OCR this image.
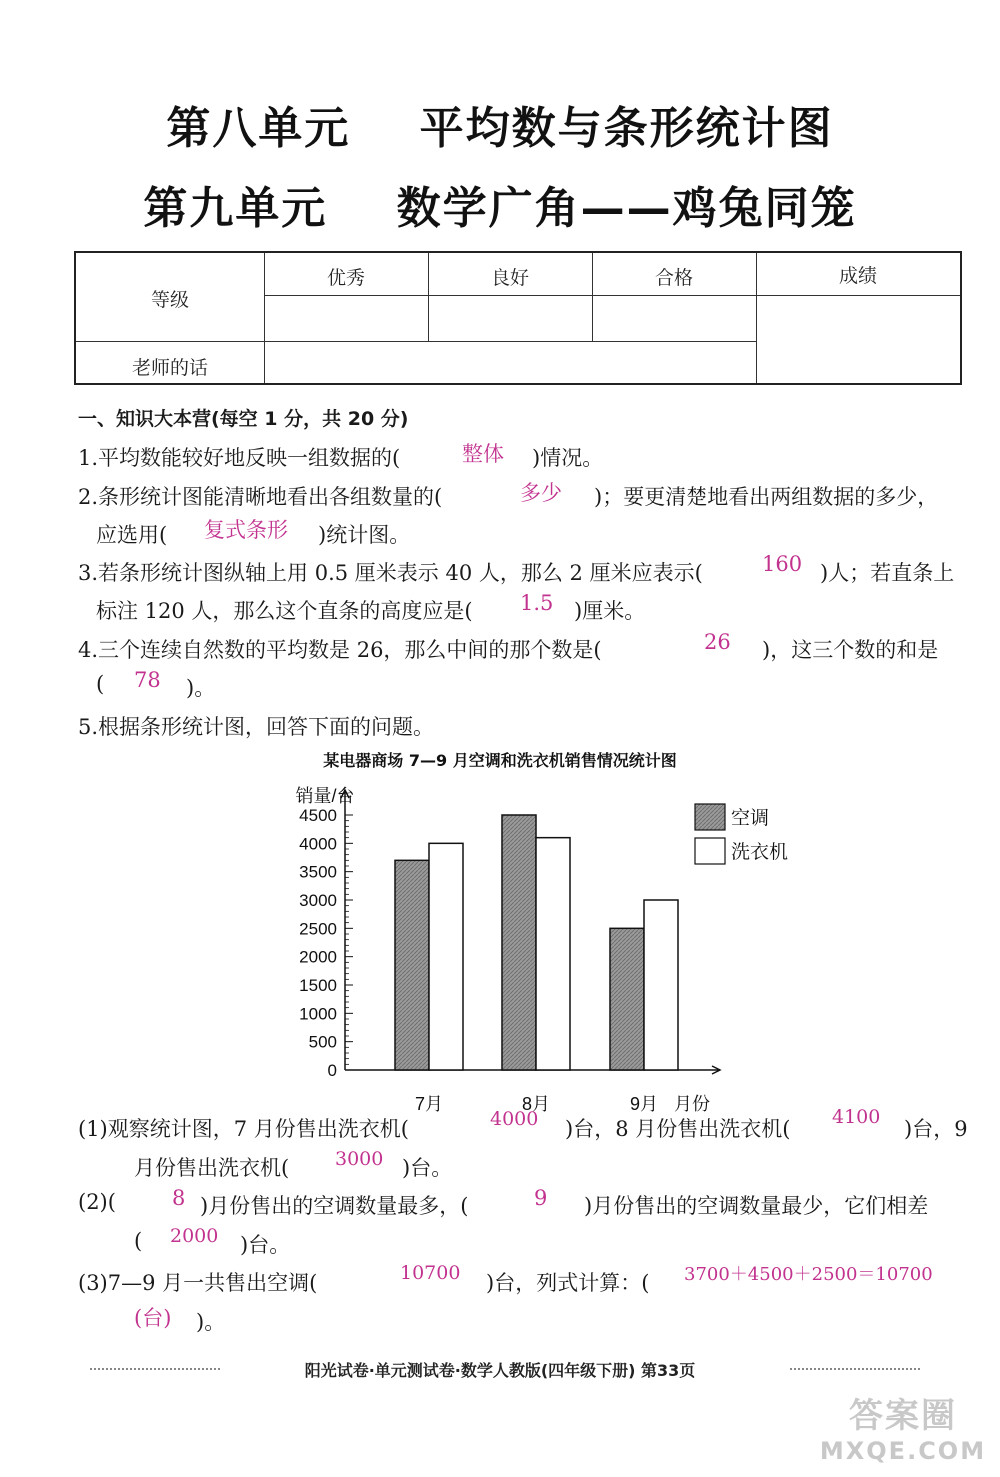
第八单元    平均数与条形统计图
第九单元    数学广角——鸡兔同笼
等级
优秀	良好	合格	成绩
老师的话
一、知识大本营(每空 1 分，共 20 分)
1.平均数能较好地反映一组数据的(	)情况。
整体
2.条形统计图能清晰地看出各组数量的(	多少 )；要更清楚地看出两组数据的多少，
应选用( 复式条形 )统计图。
3.若条形统计图纵轴上用 0.5 厘米表示 40 人，那么 2 厘米应表示(	160 )人；若直条上
标注 120 人，那么这个直条的高度应是( 1.5 )厘米。
4.三个连续自然数的平均数是 26，那么中间的那个数是(	26 )，这三个数的和是
( 78 )。
5.根据条形统计图，回答下面的问题。
某电器商场 7—9 月空调和洗衣机销售情况统计图
0
500
1000
1500
2000
2500
3000
3500
4000
4500
销量/台
月份
7月	8月	9月
空调
洗衣机
(1)观察统计图，7 月份售出洗衣机(	4000 )台，8 月份售出洗衣机( 4100 )台，9
月份售出洗衣机( 3000 )台。
(2)(	8 )月份售出的空调数量最多，(	9 )月份售出的空调数量最少，它们相差
( 2000 )台。
(3)7—9 月一共售出空调(	10700 )台，列式计算：( 3700＋4500＋2500＝10700
(台) )。
阳光试卷·单元测试卷·数学人教版(四年级下册) 第33页
答案圈
MXQE.COM
